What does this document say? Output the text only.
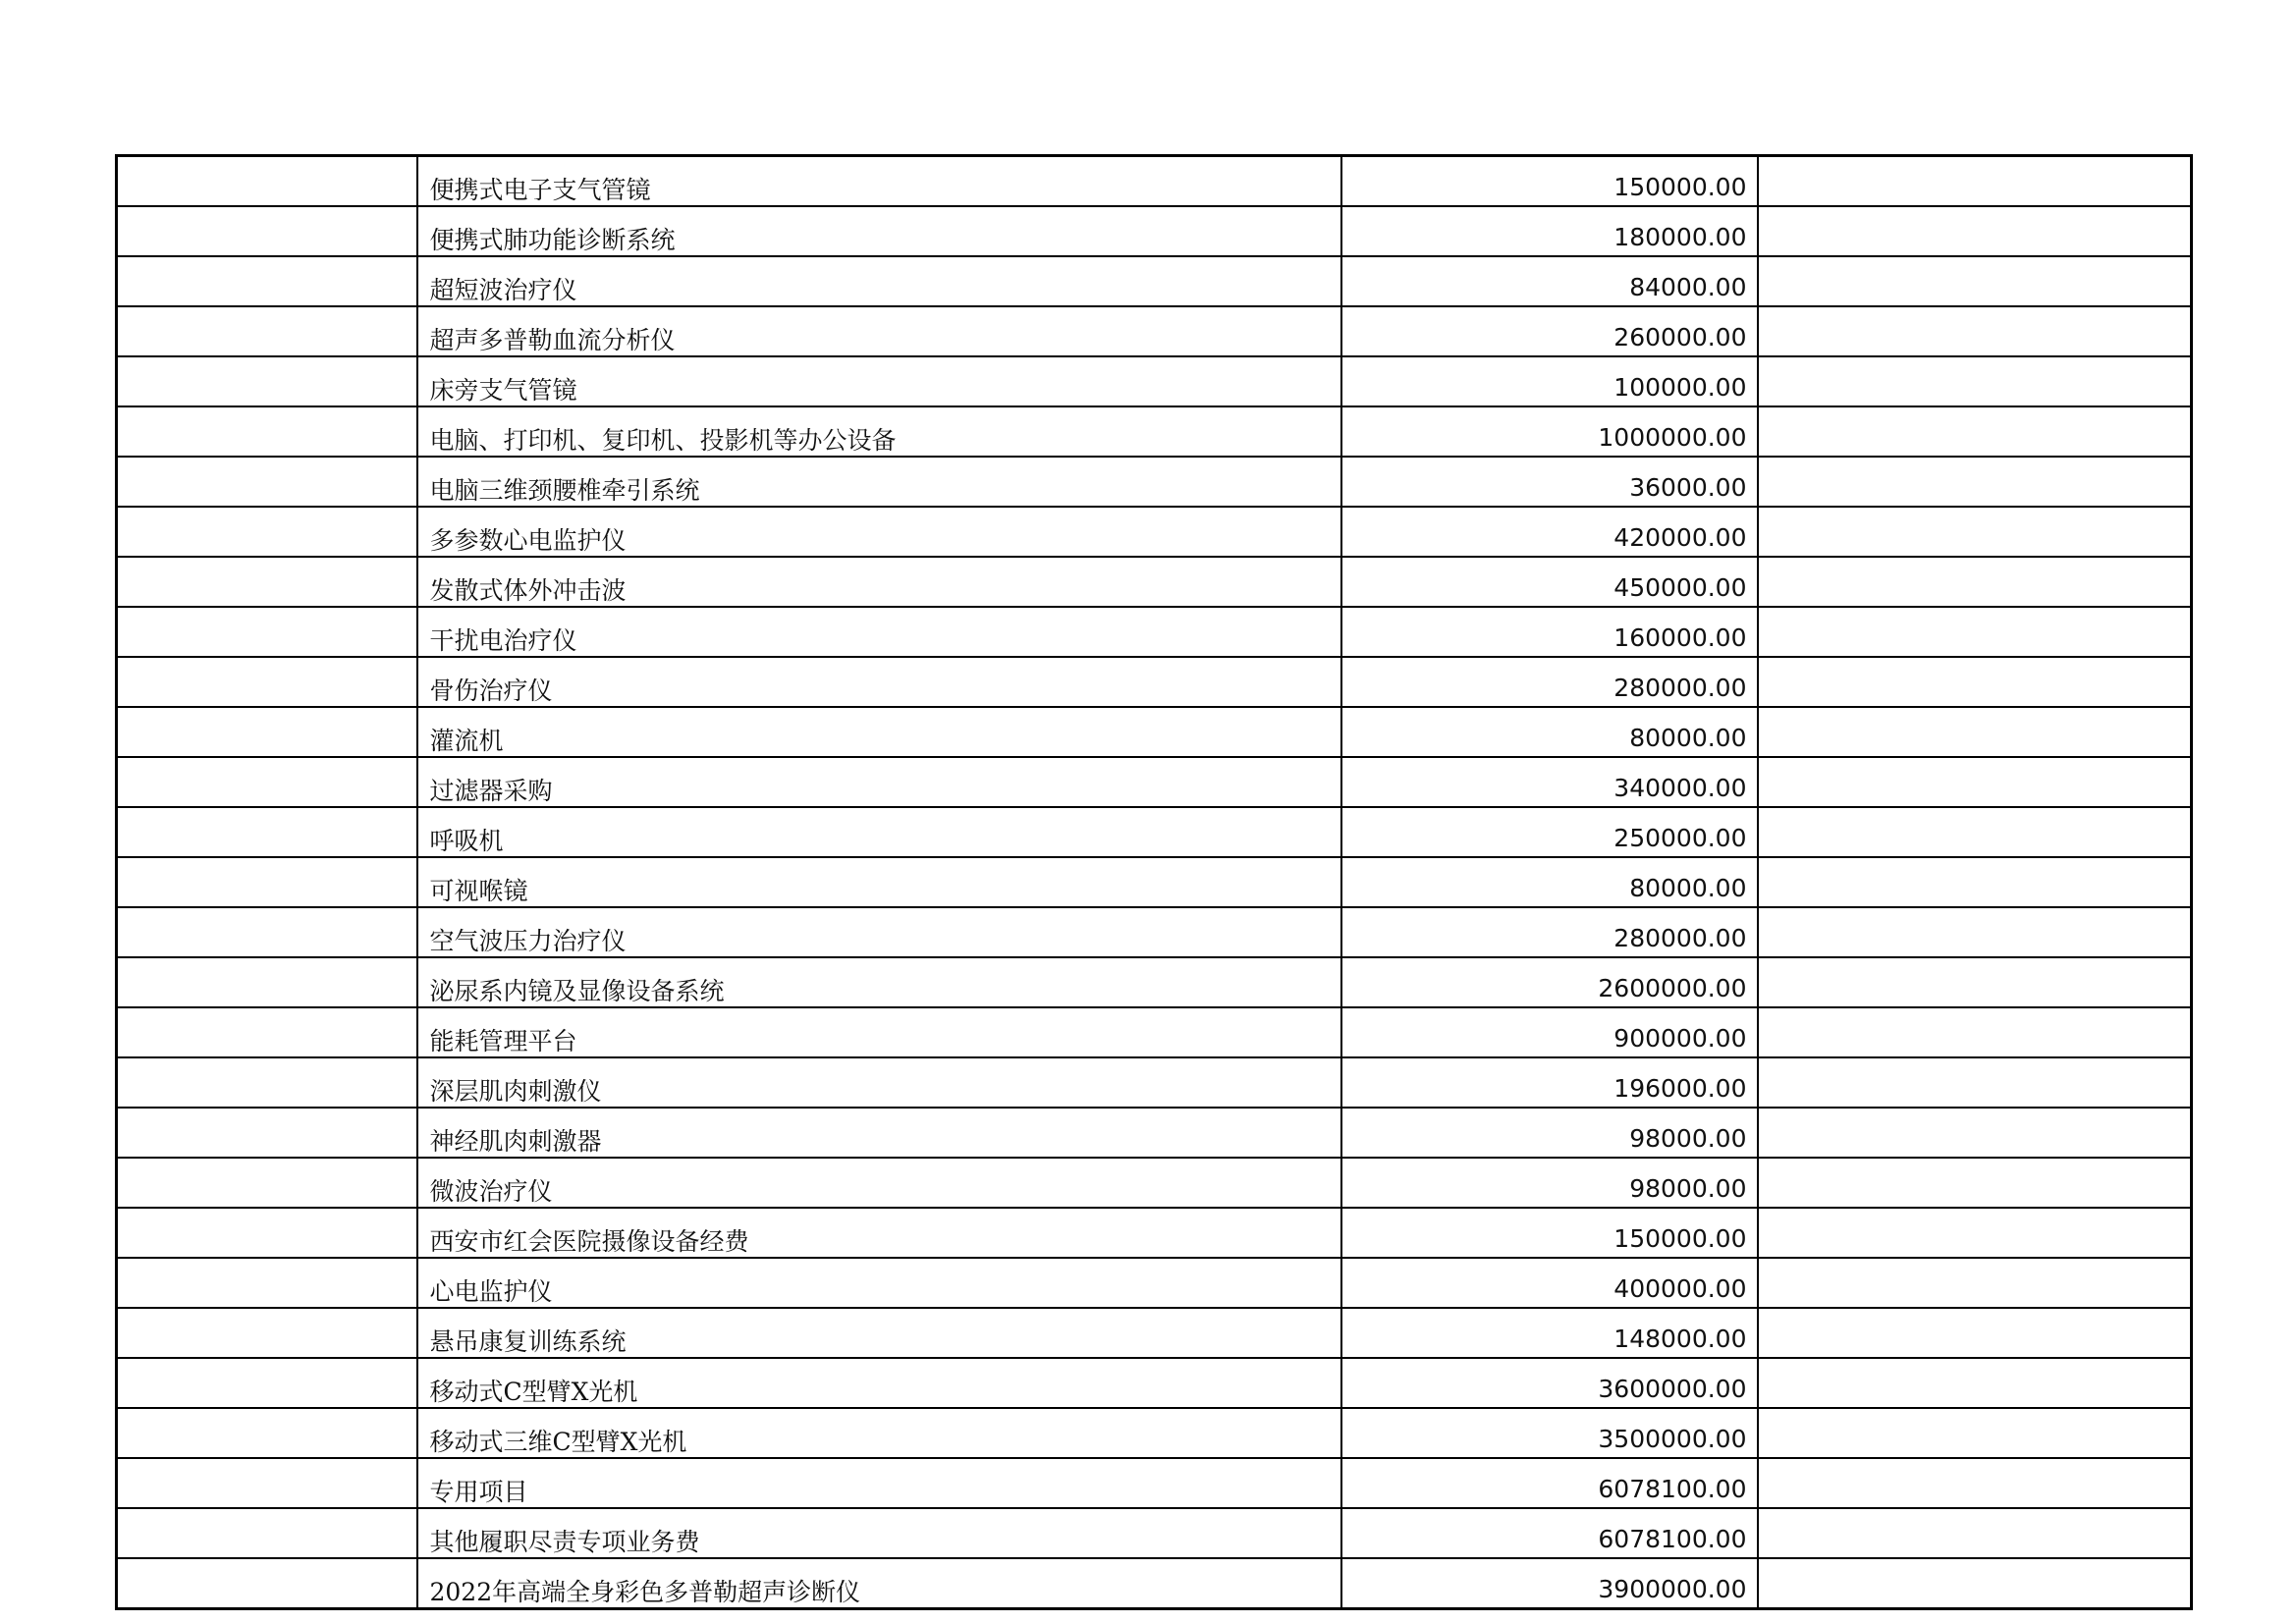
	便携式电子支气管镜	150000.00	
	便携式肺功能诊断系统	180000.00	
	超短波治疗仪	84000.00	
	超声多普勒血流分析仪	260000.00	
	床旁支气管镜	100000.00	
	电脑、打印机、复印机、投影机等办公设备	1000000.00	
	电脑三维颈腰椎牵引系统	36000.00	
	多参数心电监护仪	420000.00	
	发散式体外冲击波	450000.00	
	干扰电治疗仪	160000.00	
	骨伤治疗仪	280000.00	
	灌流机	80000.00	
	过滤器采购	340000.00	
	呼吸机	250000.00	
	可视喉镜	80000.00	
	空气波压力治疗仪	280000.00	
	泌尿系内镜及显像设备系统	2600000.00	
	能耗管理平台	900000.00	
	深层肌肉刺激仪	196000.00	
	神经肌肉刺激器	98000.00	
	微波治疗仪	98000.00	
	西安市红会医院摄像设备经费	150000.00	
	心电监护仪	400000.00	
	悬吊康复训练系统	148000.00	
	移动式C型臂X光机	3600000.00	
	移动式三维C型臂X光机	3500000.00	
	专用项目	6078100.00	
	其他履职尽责专项业务费	6078100.00	
	2022年高端全身彩色多普勒超声诊断仪	3900000.00	
